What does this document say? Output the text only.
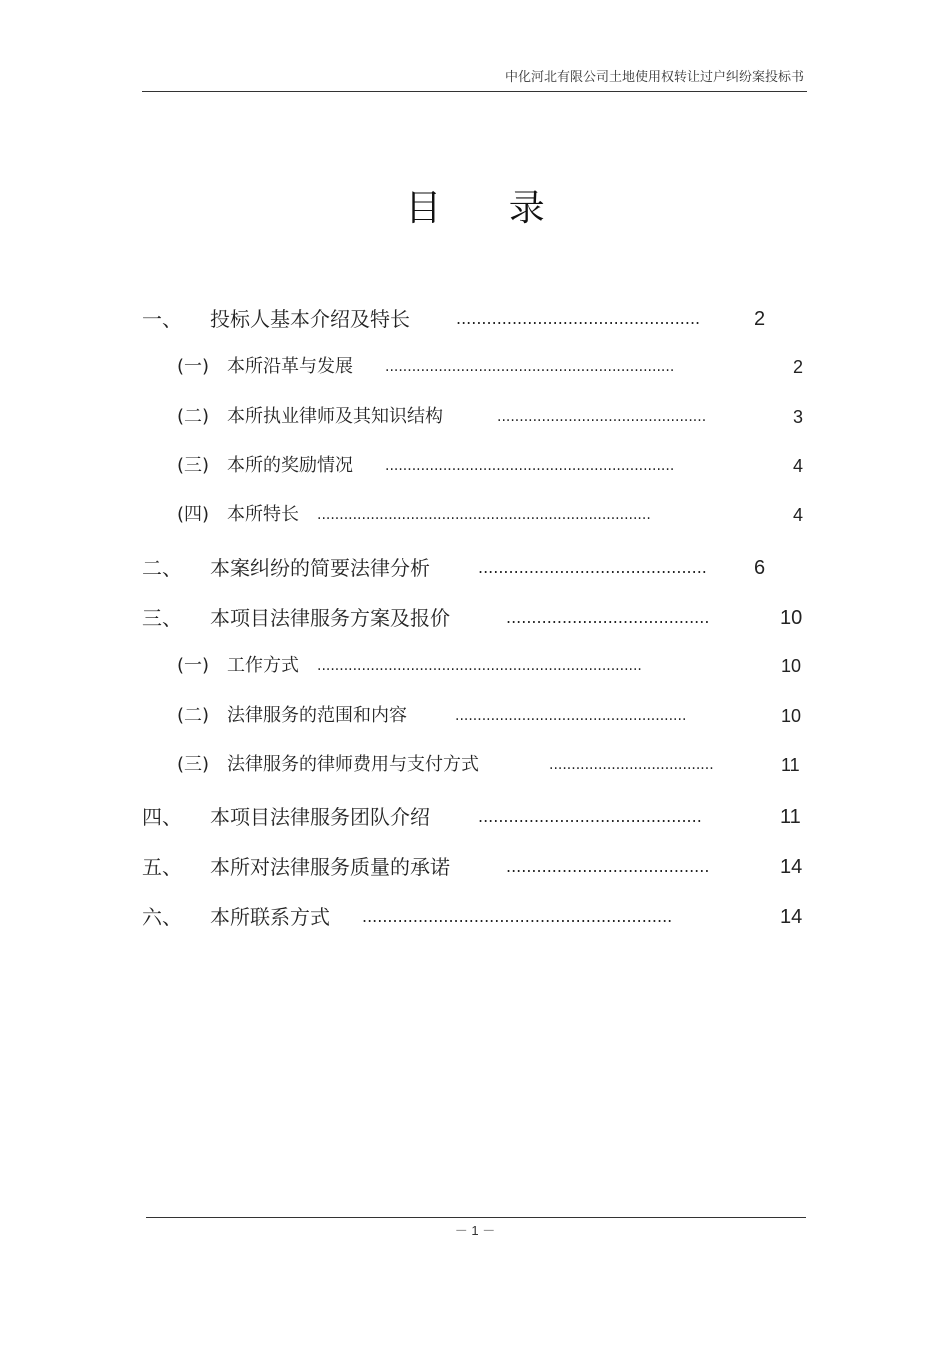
中化河北有限公司土地使用权转让过户纠纷案投标书
目 录
一、 投标人基本介绍及特长	................................................	2
(一) 本所沿革与发展 .................................................................	2
(二) 本所执业律师及其知识结构	...............................................	3
(三) 本所的奖励情况 .................................................................	4
(四) 本所特长 ...........................................................................	4
二、 本案纠纷的简要法律分析	............................................. 6
三、 本项目法律服务方案及报价	........................................	10
(一) 工作方式 .........................................................................	10
(二) 法律服务的范围和内容	....................................................	10
(三) 法律服务的律师费用与支付方式	.....................................	11
四、 本项目法律服务团队介绍	............................................	11
五、 本所对法律服务质量的承诺	........................................	14
六、 本所联系方式 .............................................................	14
－ 1 －
